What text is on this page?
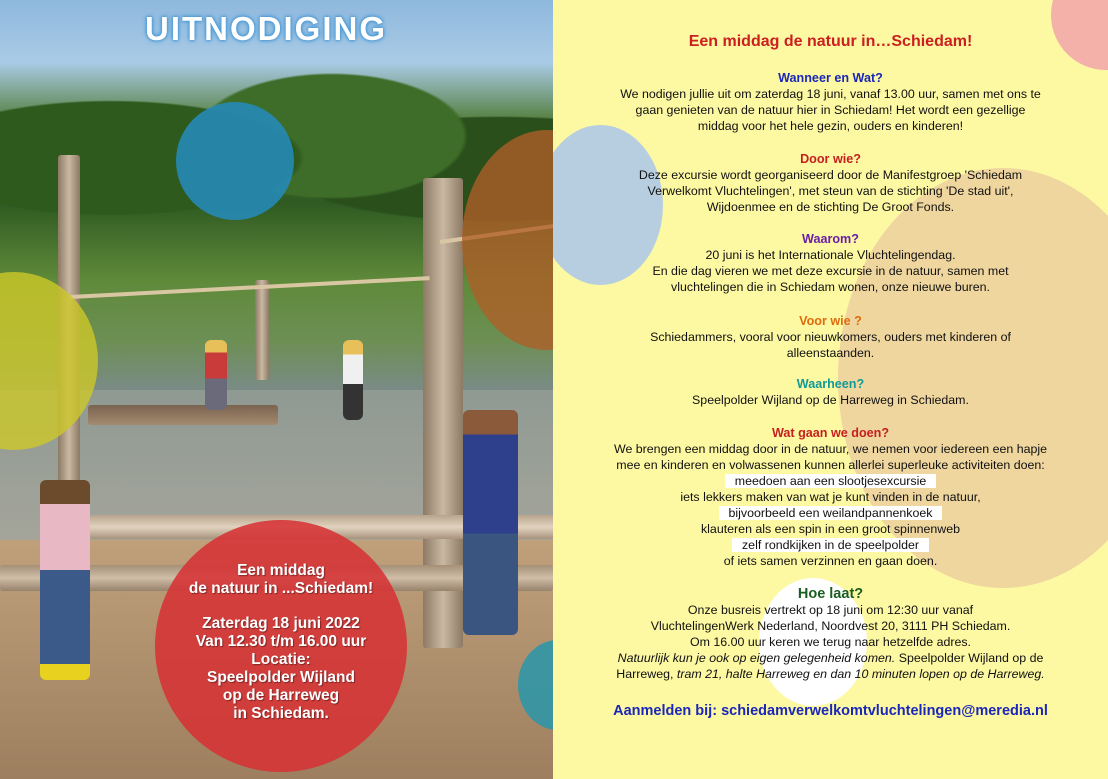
UITNODIGING
Een middag
de natuur in ...Schiedam!
Zaterdag 18 juni 2022
Van 12.30 t/m 16.00 uur
Locatie:
Speelpolder Wijland
op de Harreweg
in Schiedam.
Een middag de natuur in…Schiedam!
Wanneer en Wat?
We nodigen jullie uit om zaterdag 18 juni, vanaf 13.00 uur, samen met ons te
gaan genieten van de natuur hier in Schiedam! Het wordt een gezellige
middag voor het hele gezin, ouders en kinderen!
Door wie?
Deze excursie wordt georganiseerd door de Manifestgroep 'Schiedam
Verwelkomt Vluchtelingen', met steun van de stichting 'De stad uit',
Wijdoenmee en de stichting De Groot Fonds.
Waarom?
20 juni is het Internationale Vluchtelingendag.
En die dag vieren we met deze excursie in de natuur, samen met
vluchtelingen die in Schiedam wonen, onze nieuwe buren.
Voor wie ?
Schiedammers, vooral voor nieuwkomers, ouders met kinderen of
alleenstaanden.
Waarheen?
Speelpolder Wijland op de Harreweg in Schiedam.
Wat gaan we doen?
We brengen een middag door in de natuur, we nemen voor iedereen een hapje
mee en kinderen en volwassenen kunnen allerlei superleuke activiteiten doen:
meedoen aan een slootjesexcursie
iets lekkers maken van wat je kunt vinden in de natuur,
bijvoorbeeld een weilandpannenkoek
klauteren als een spin in een groot spinnenweb
zelf rondkijken in de speelpolder
of iets samen verzinnen en gaan doen.
Hoe laat?
Onze busreis vertrekt op 18 juni om 12:30 uur vanaf
VluchtelingenWerk Nederland, Noordvest 20, 3111 PH Schiedam.
Om 16.00 uur keren we terug naar hetzelfde adres.
Natuurlijk kun je ook op eigen gelegenheid komen. Speelpolder Wijland op de
Harreweg, tram 21, halte Harreweg en dan 10 minuten lopen op de Harreweg.
Aanmelden bij: schiedamverwelkomtvluchtelingen@meredia.nl
